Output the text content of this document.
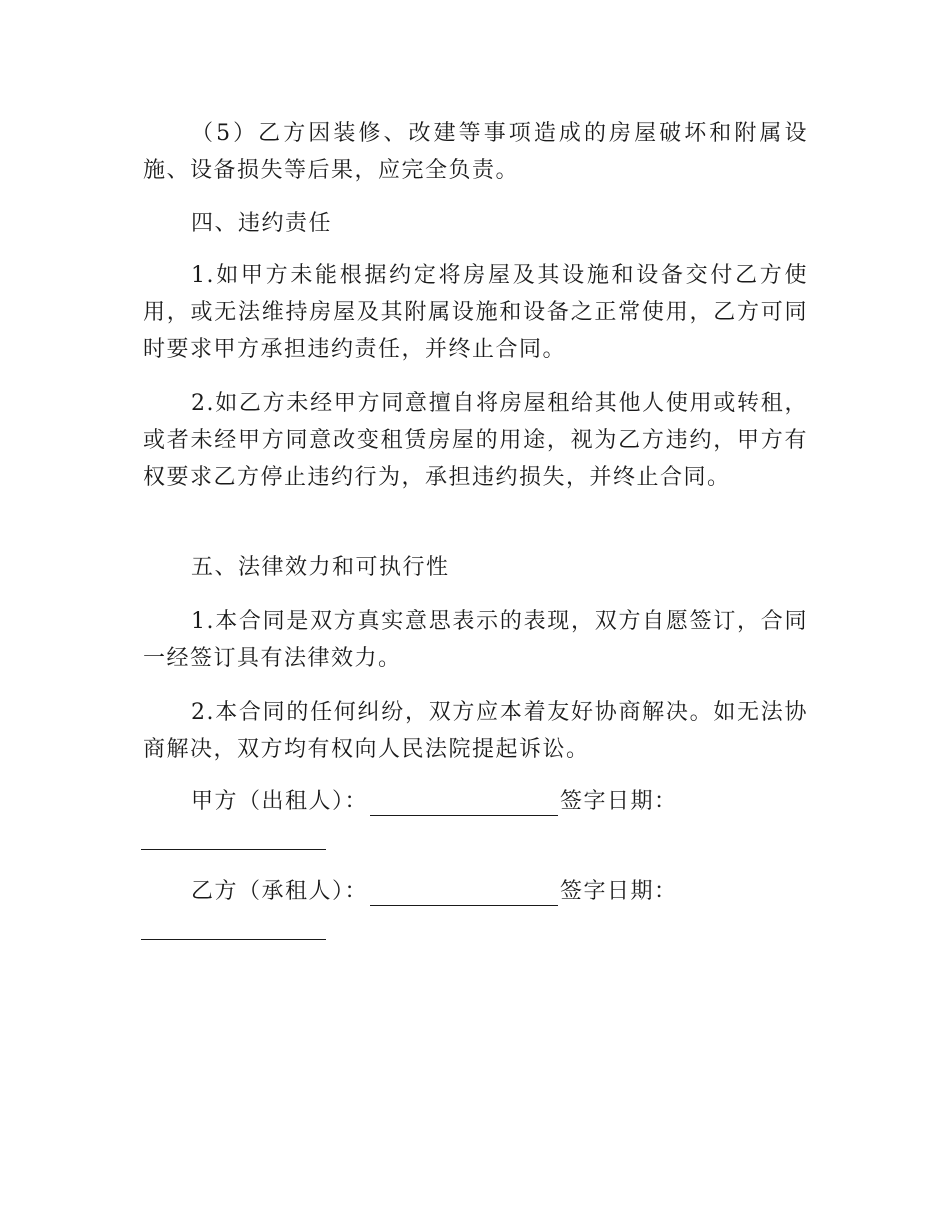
（5）乙方因装修、改建等事项造成的房屋破坏和附属设施、设备损失等后果，应完全负责。

四、违约责任

1.如甲方未能根据约定将房屋及其设施和设备交付乙方使用，或无法维持房屋及其附属设施和设备之正常使用，乙方可同时要求甲方承担违约责任，并终止合同。

2.如乙方未经甲方同意擅自将房屋租给其他人使用或转租，或者未经甲方同意改变租赁房屋的用途，视为乙方违约，甲方有权要求乙方停止违约行为，承担违约损失，并终止合同。

五、法律效力和可执行性

1.本合同是双方真实意思表示的表现，双方自愿签订，合同一经签订具有法律效力。

2.本合同的任何纠纷，双方应本着友好协商解决。如无法协商解决，双方均有权向人民法院提起诉讼。

甲方（出租人）：	签字日期：
乙方（承租人）：	签字日期：
